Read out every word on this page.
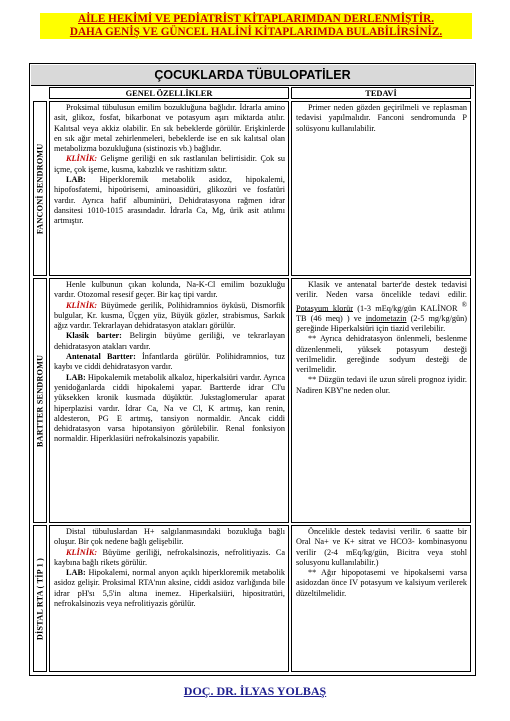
AİLE HEKİMİ VE PEDİATRİST KİTAPLARIMDAN DERLENMİŞTİR.
DAHA GENİŞ VE GÜNCEL HALİNİ KİTAPLARIMDA BULABİLİRSİNİZ.
ÇOCUKLARDA TÜBULOPATİLER
GENEL ÖZELLİKLER	TEDAVİ
FANCONİ SENDROMU

Proksimal tübulusun emilim bozukluğuna bağlıdır. İdrarla amino asit, glikoz, fosfat, bikarbonat ve potasyum aşırı miktarda atılır. Kalıtsal veya akkiz olabilir. En sık bebeklerde görülür. Erişkinlerde en sık ağır metal zehirlenmeleri, bebeklerde ise en sık kalıtsal olan metabolizma bozukluğuna (sistinozis vb.) bağlıdır.

KLİNİK: Gelişme geriliği en sık rastlanılan belirtisidir. Çok su içme, çok işeme, kusma, kabızlık ve rashitizm sıktır.

LAB: Hiperkloremik metabolik asidoz, hipokalemi, hipofosfatemi, hipoürisemi, aminoasidüri, glikozüri ve fosfatüri vardır. Ayrıca hafif albuminüri, Dehidratasyona rağmen idrar dansitesi 1010-1015 arasındadır. İdrarla Ca, Mg, ürik asit atılımı artmıştır.

Primer neden gözden geçirilmeli ve replasman tedavisi yapılmalıdır. Fanconi sendromunda P solüsyonu kullanılabilir.

BARTTER SENDROMU

Henle kulbunun çıkan kolunda, Na-K-Cl emilim bozukluğu vardır. Otozomal resesif geçer. Bir kaç tipi vardır.

KLİNİK: Büyümede gerilik, Polihidramnios öyküsü, Dismorfik bulgular, Kr. kusma, Üçgen yüz, Büyük gözler, strabismus, Sarkık ağız vardır. Tekrarlayan dehidratasyon atakları görülür.

Klasik barter: Belirgin büyüme geriliği, ve tekrarlayan dehidratasyon atakları vardır.

Antenatal Bartter: İnfantlarda görülür. Polihidramnios, tuz kaybı ve ciddi dehidratasyon vardır.

LAB: Hipokalemik metabolik alkaloz, hiperkalsiüri vardır. Ayrıca yenidoğanlarda ciddi hipokalemi yapar. Bartterde idrar Cl'u yüksekken kronik kusmada düşüktür. Jukstaglomerular aparat hiperplazisi vardır. İdrar Ca, Na ve Cl, K artmış, kan renin, aldesteron, PG E artmış, tansiyon normaldir. Ancak ciddi dehidratasyon varsa hipotansiyon görülebilir. Renal fonksiyon normaldir. Hiperklasiüri nefrokalsinozis yapabilir.

Klasik ve antenatal barter'de destek tedavisi verilir. Neden varsa öncelikle tedavi edilir. Potasyum klorür (1-3 mEq/kg/gün KALİNOR ® TB (46 meq) ) ve indometazin (2-5 mg/kg/gün) gereğinde Hiperkalsiüri için tiazid verilebilir.

** Ayrıca dehidratasyon önlenmeli, beslenme düzenlenmeli, yüksek potasyum desteği verilmelidir. gereğinde sodyum desteği de verilmelidir.

** Düzgün tedavi ile uzun süreli prognoz iyidir. Nadiren KBY'ne neden olur.

DİSTAL RTA ( TİP 1 )

Distal tübuluslardan H+ salgılanmasındaki bozukluğa bağlı oluşur. Bir çok nedene bağlı gelişebilir.

KLİNİK: Büyüme geriliği, nefrokalsinozis, nefrolitiyazis. Ca kaybına bağlı rikets görülür.

LAB: Hipokalemi, normal anyon açıklı hiperkloremik metabolik asidoz gelişir. Proksimal RTA'nın aksine, ciddi asidoz varlığında bile idrar pH'sı 5,5'in altına inemez. Hiperkalsiüri, hipositratüri, nefrokalsinozis veya nefrolitiyazis görülür.

Öncelikle destek tedavisi verilir. 6 saatte bir Oral Na+ ve K+ sitrat ve HCO3- kombinasyonu verilir (2-4 mEq/kg/gün, Bicitra veya stohl solusyonu kullanılabilir.)

** Ağır hipopotasemi ve hipokalsemi varsa asidozdan önce IV potasyum ve kalsiyum verilerek düzeltilmelidir.

DOÇ. DR. İLYAS YOLBAŞ
